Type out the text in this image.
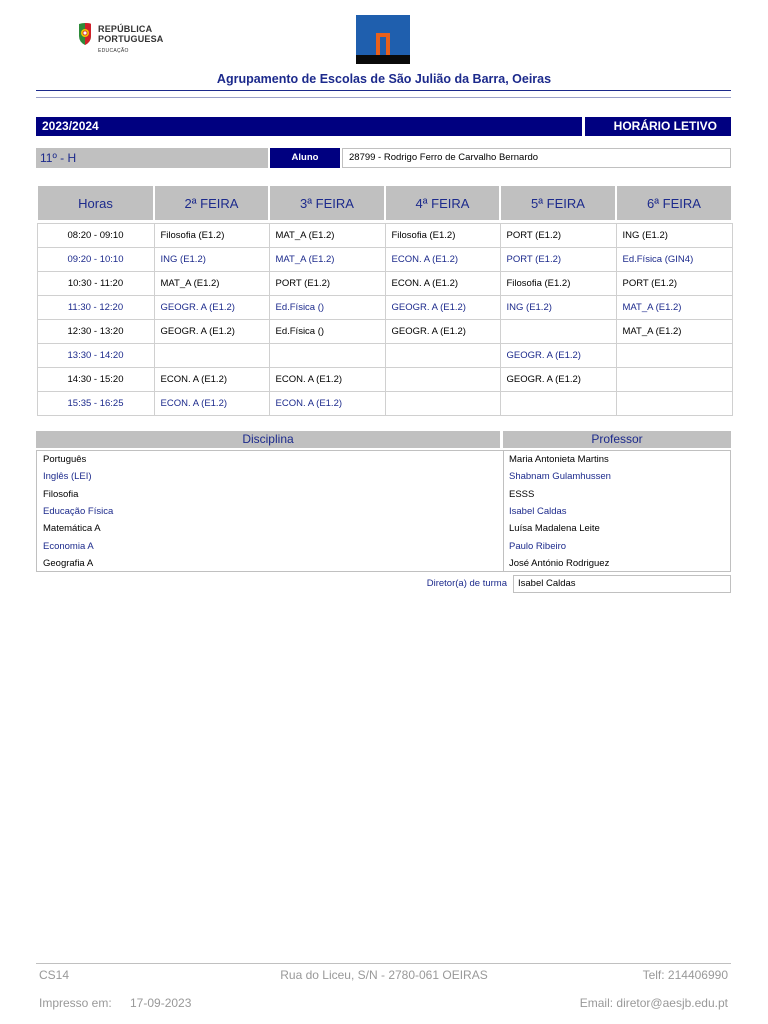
REPÚBLICA
PORTUGUESA
EDUCAÇÃO
Agrupamento de Escolas de São Julião da Barra, Oeiras
2023/2024	HORÁRIO LETIVO
11º - H	Aluno	28799 - Rodrigo Ferro de Carvalho Bernardo
Horas	2ª FEIRA	3ª FEIRA	4ª FEIRA	5ª FEIRA	6ª FEIRA

08:20 - 09:10	Filosofia (E1.2)	MAT_A (E1.2)	Filosofia (E1.2)	PORT (E1.2)	ING (E1.2)
09:20 - 10:10	ING (E1.2)	MAT_A (E1.2)	ECON. A (E1.2)	PORT (E1.2)	Ed.Física (GIN4)
10:30 - 11:20	MAT_A (E1.2)	PORT (E1.2)	ECON. A (E1.2)	Filosofia (E1.2)	PORT (E1.2)
11:30 - 12:20	GEOGR. A (E1.2)	Ed.Física ()	GEOGR. A (E1.2)	ING (E1.2)	MAT_A (E1.2)
12:30 - 13:20	GEOGR. A (E1.2)	Ed.Física ()	GEOGR. A (E1.2)		MAT_A (E1.2)
13:30 - 14:20				GEOGR. A (E1.2)	
14:30 - 15:20	ECON. A (E1.2)	ECON. A (E1.2)		GEOGR. A (E1.2)	
15:35 - 16:25	ECON. A (E1.2)	ECON. A (E1.2)			
Disciplina	Professor
Português	Maria Antonieta Martins
Inglês (LEI)	Shabnam Gulamhussen
Filosofia	ESSS
Educação Física	Isabel Caldas
Matemática A	Luísa Madalena Leite
Economia A	Paulo Ribeiro
Geografia A	José António Rodriguez
Diretor(a) de turma	Isabel Caldas
CS14	Rua do Liceu, S/N - 2780-061 OEIRAS	Telf: 214406990
Impresso em: 17-09-2023	Email: diretor@aesjb.edu.pt
